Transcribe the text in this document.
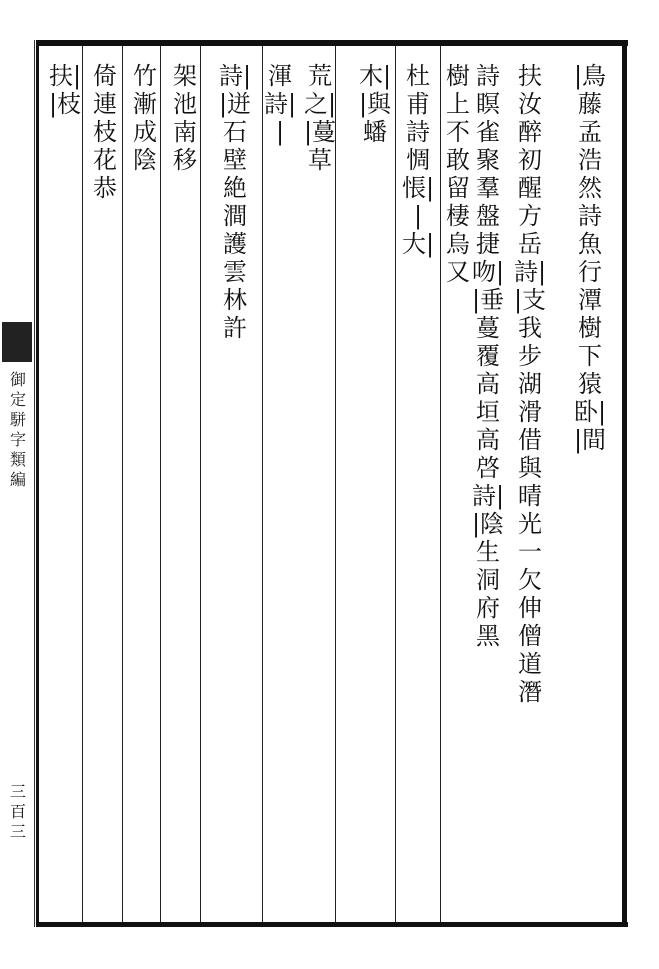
御定駢字類編
三百三
|鳥藤孟浩然詩魚行潭樹下猿卧||間
扶汝醉初醒方岳詩||支我步湖滑借與晴光一欠伸僧道潛
詩瞑雀聚羣盤捷吻||垂蔓覆高垣高啓詩||陰生洞府黑
樹上不敢留棲烏又
杜甫詩惆悵||大|
木||與蟠
荒之||蔓草
渾詩||
詩||迸石壁絶澗護雲林許
架池南移
竹漸成陰
倚連枝花恭
扶||枝
